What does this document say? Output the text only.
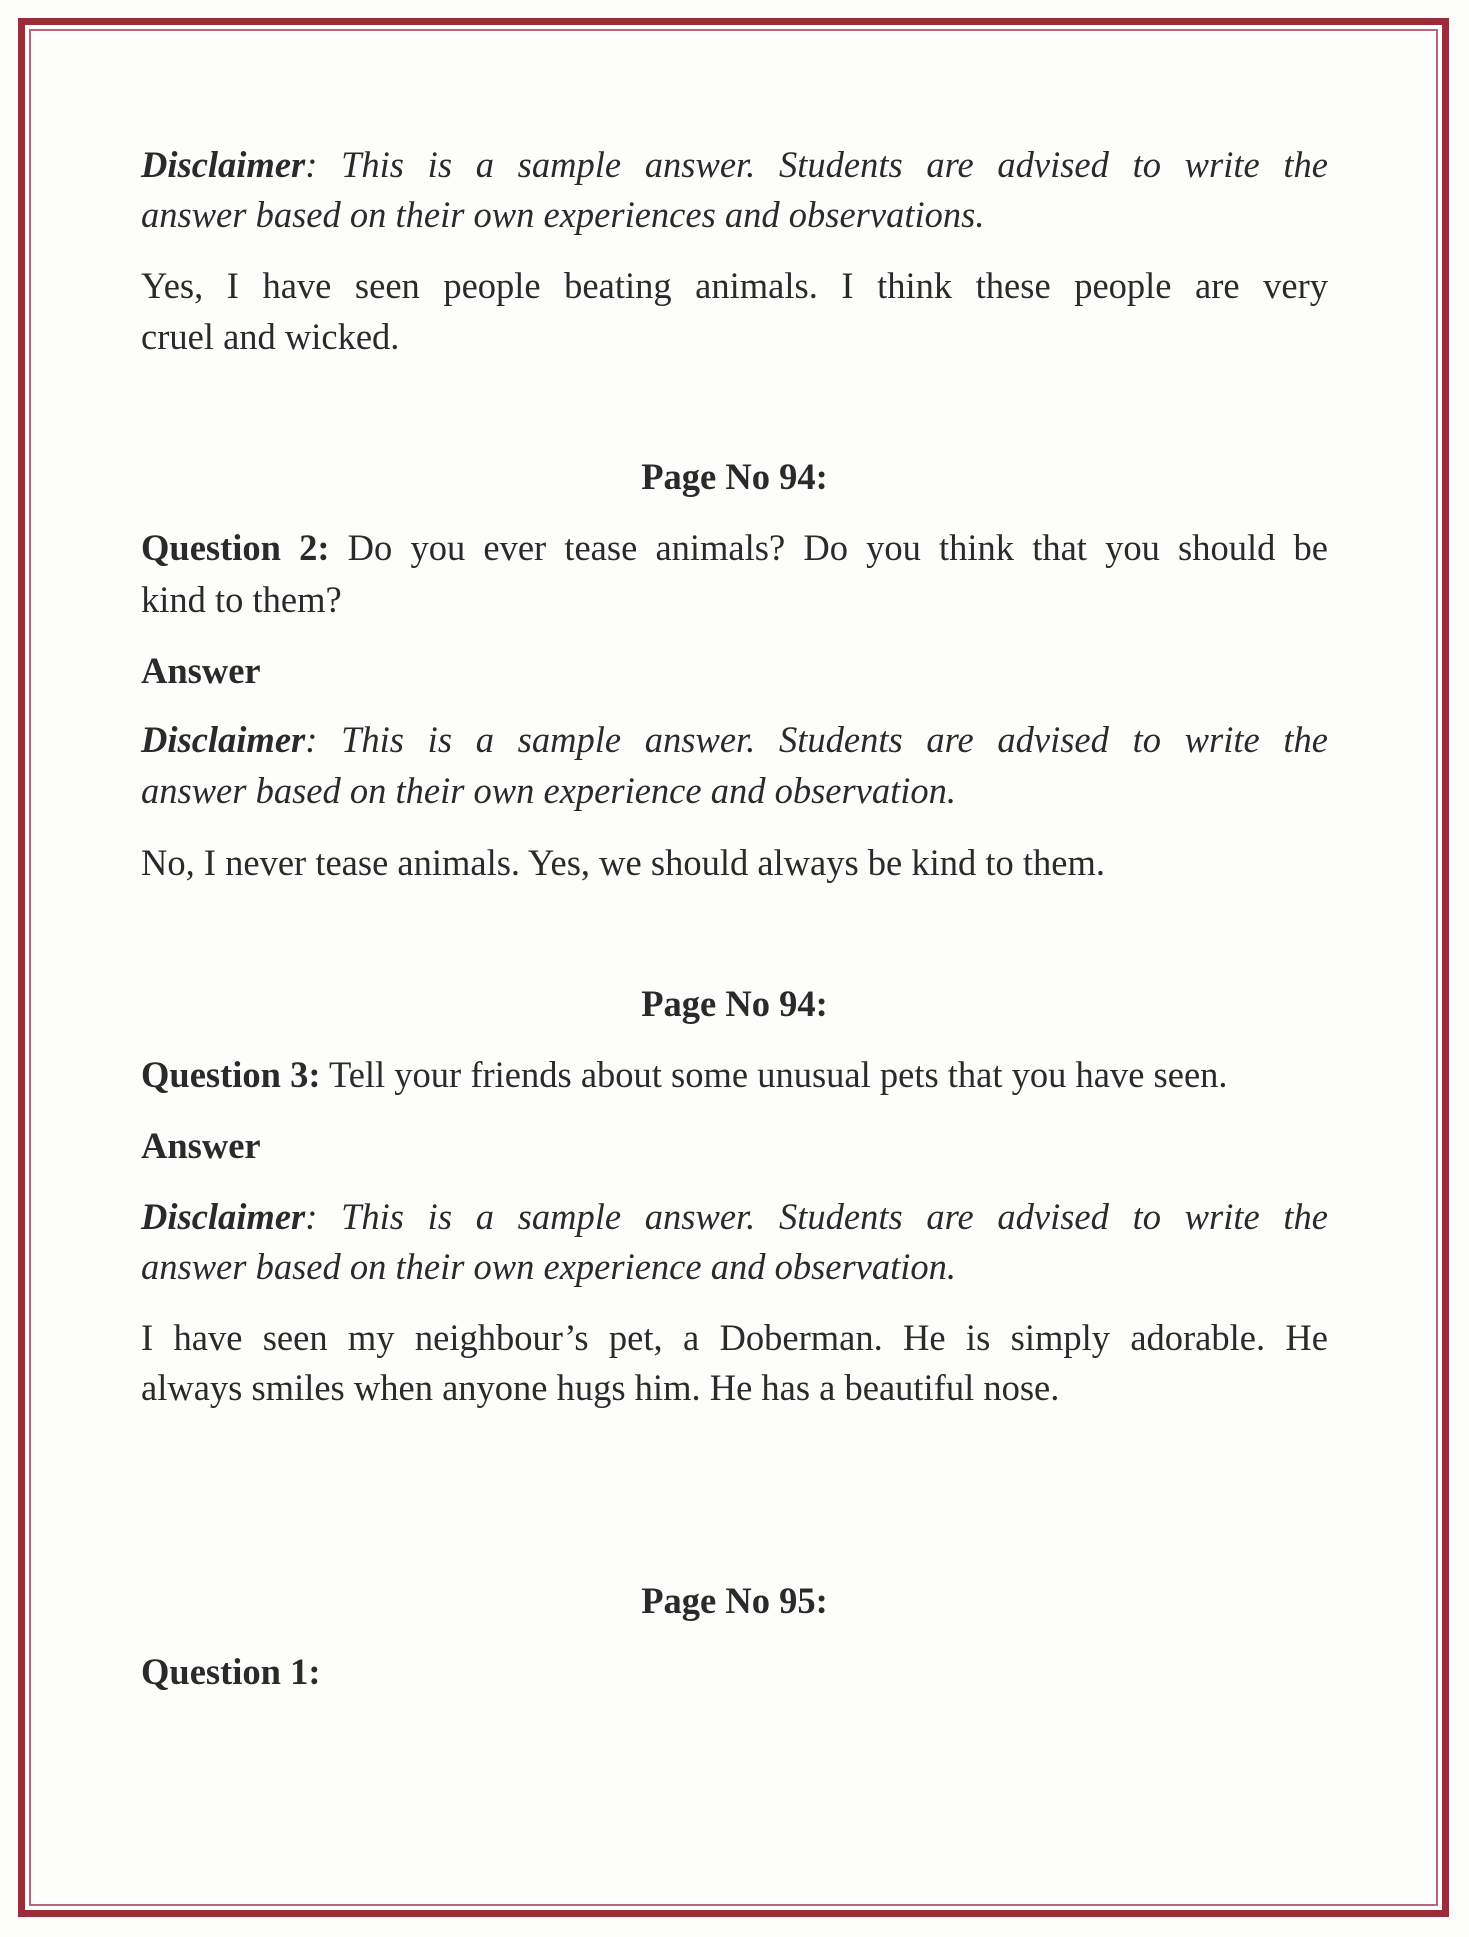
Disclaimer: This is a sample answer. Students are advised to write the
answer based on their own experiences and observations.
Yes, I have seen people beating animals. I think these people are very
cruel and wicked.
Page No 94:
Question 2: Do you ever tease animals? Do you think that you should be
kind to them?
Answer
Disclaimer: This is a sample answer. Students are advised to write the
answer based on their own experience and observation.
No, I never tease animals. Yes, we should always be kind to them.
Page No 94:
Question 3: Tell your friends about some unusual pets that you have seen.
Answer
Disclaimer: This is a sample answer. Students are advised to write the
answer based on their own experience and observation.
I have seen my neighbour’s pet, a Doberman. He is simply adorable. He
always smiles when anyone hugs him. He has a beautiful nose.
Page No 95:
Question 1:
